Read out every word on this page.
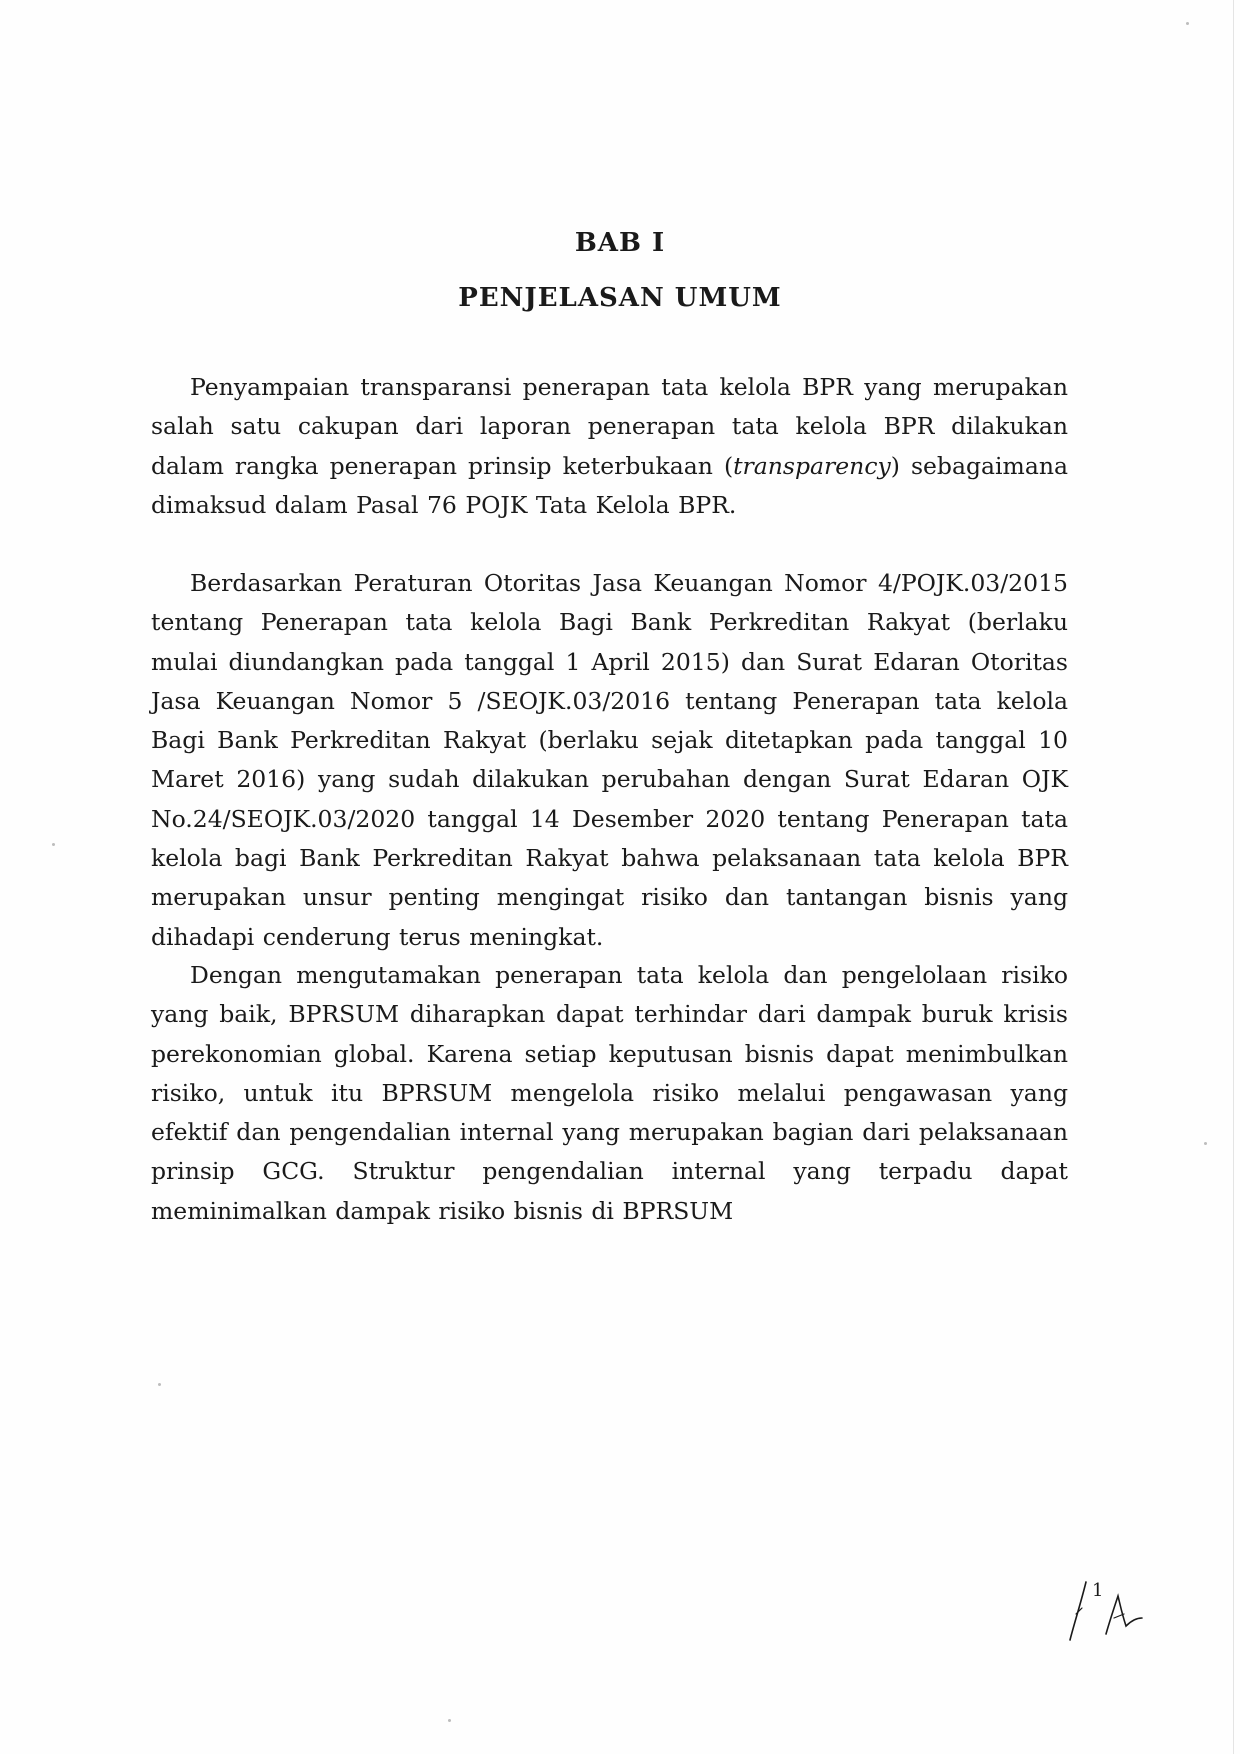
BAB I
PENJELASAN UMUM

Penyampaian transparansi penerapan tata kelola BPR yang merupakan salah satu cakupan dari laporan penerapan tata kelola BPR dilakukan dalam rangka penerapan prinsip keterbukaan (transparency) sebagaimana dimaksud dalam Pasal 76 POJK Tata Kelola BPR.

Berdasarkan Peraturan Otoritas Jasa Keuangan Nomor 4/POJK.03/2015 tentang Penerapan tata kelola Bagi Bank Perkreditan Rakyat (berlaku mulai diundangkan pada tanggal 1 April 2015) dan Surat Edaran Otoritas Jasa Keuangan Nomor 5 /SEOJK.03/2016 tentang Penerapan tata kelola Bagi Bank Perkreditan Rakyat (berlaku sejak ditetapkan pada tanggal 10 Maret 2016) yang sudah dilakukan perubahan dengan Surat Edaran OJK No.24/SEOJK.03/2020 tanggal 14 Desember 2020 tentang Penerapan tata kelola bagi Bank Perkreditan Rakyat bahwa pelaksanaan tata kelola BPR merupakan unsur penting mengingat risiko dan tantangan bisnis yang dihadapi cenderung terus meningkat.

Dengan mengutamakan penerapan tata kelola dan pengelolaan risiko yang baik, BPRSUM diharapkan dapat terhindar dari dampak buruk krisis perekonomian global. Karena setiap keputusan bisnis dapat menimbulkan risiko, untuk itu BPRSUM mengelola risiko melalui pengawasan yang efektif dan pengendalian internal yang merupakan bagian dari pelaksanaan prinsip GCG. Struktur pengendalian internal yang terpadu dapat meminimalkan dampak risiko bisnis di BPRSUM

1
